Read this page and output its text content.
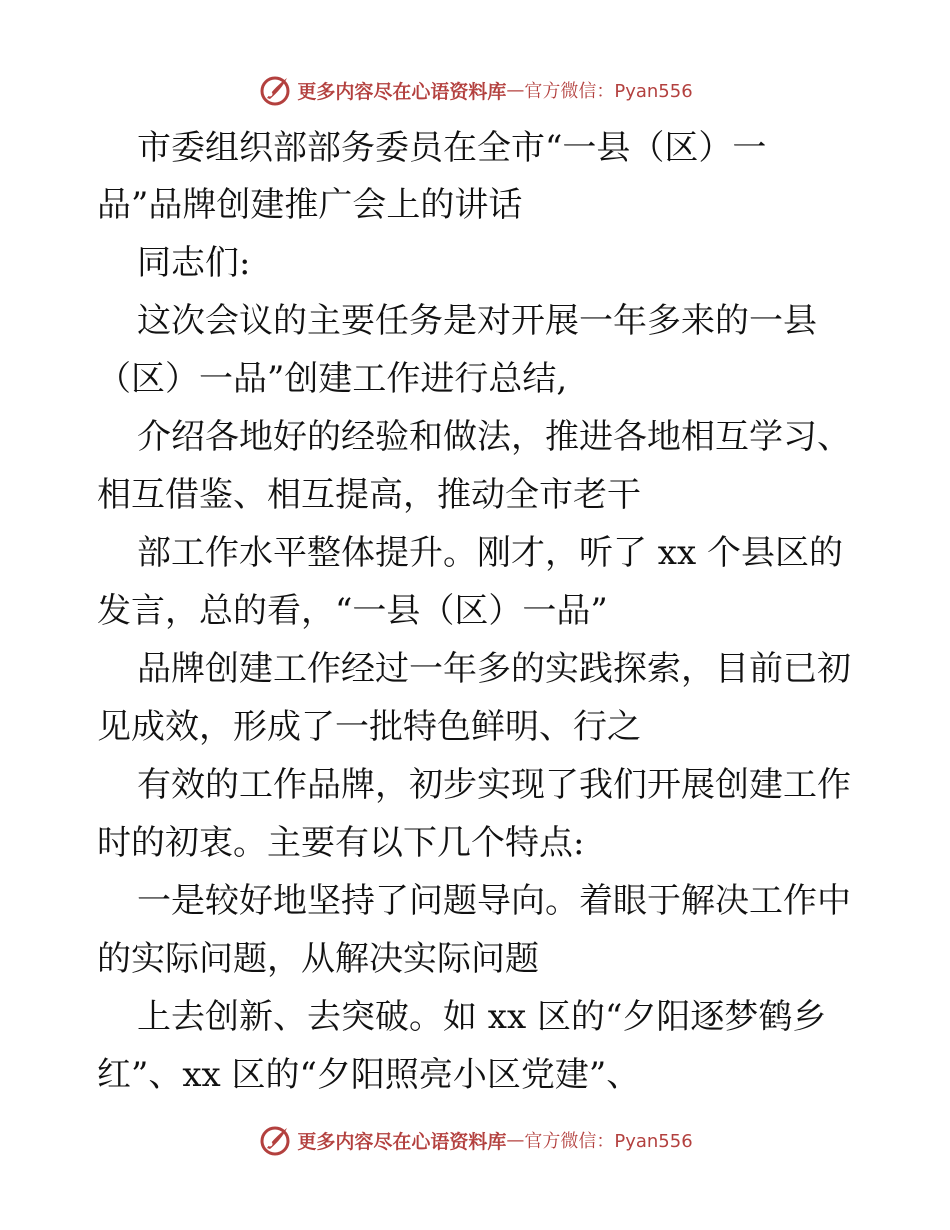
更多内容尽在心语资料库 — 官方微信：Pyan556
市委组织部部务委员在全市“一县（区）一
品”品牌创建推广会上的讲话
同志们:
这次会议的主要任务是对开展一年多来的一县
（区）一品”创建工作进行总结,
介绍各地好的经验和做法，推进各地相互学习、
相互借鉴、相互提高，推动全市老干
部工作水平整体提升。刚才，听了 xx 个县区的
发言，总的看，“一县（区）一品”
品牌创建工作经过一年多的实践探索，目前已初
见成效，形成了一批特色鲜明、行之
有效的工作品牌，初步实现了我们开展创建工作
时的初衷。主要有以下几个特点:
一是较好地坚持了问题导向。着眼于解决工作中
的实际问题，从解决实际问题
上去创新、去突破。如 xx 区的“夕阳逐梦鹤乡
红”、xx 区的“夕阳照亮小区党建”、
更多内容尽在心语资料库 — 官方微信：Pyan556
